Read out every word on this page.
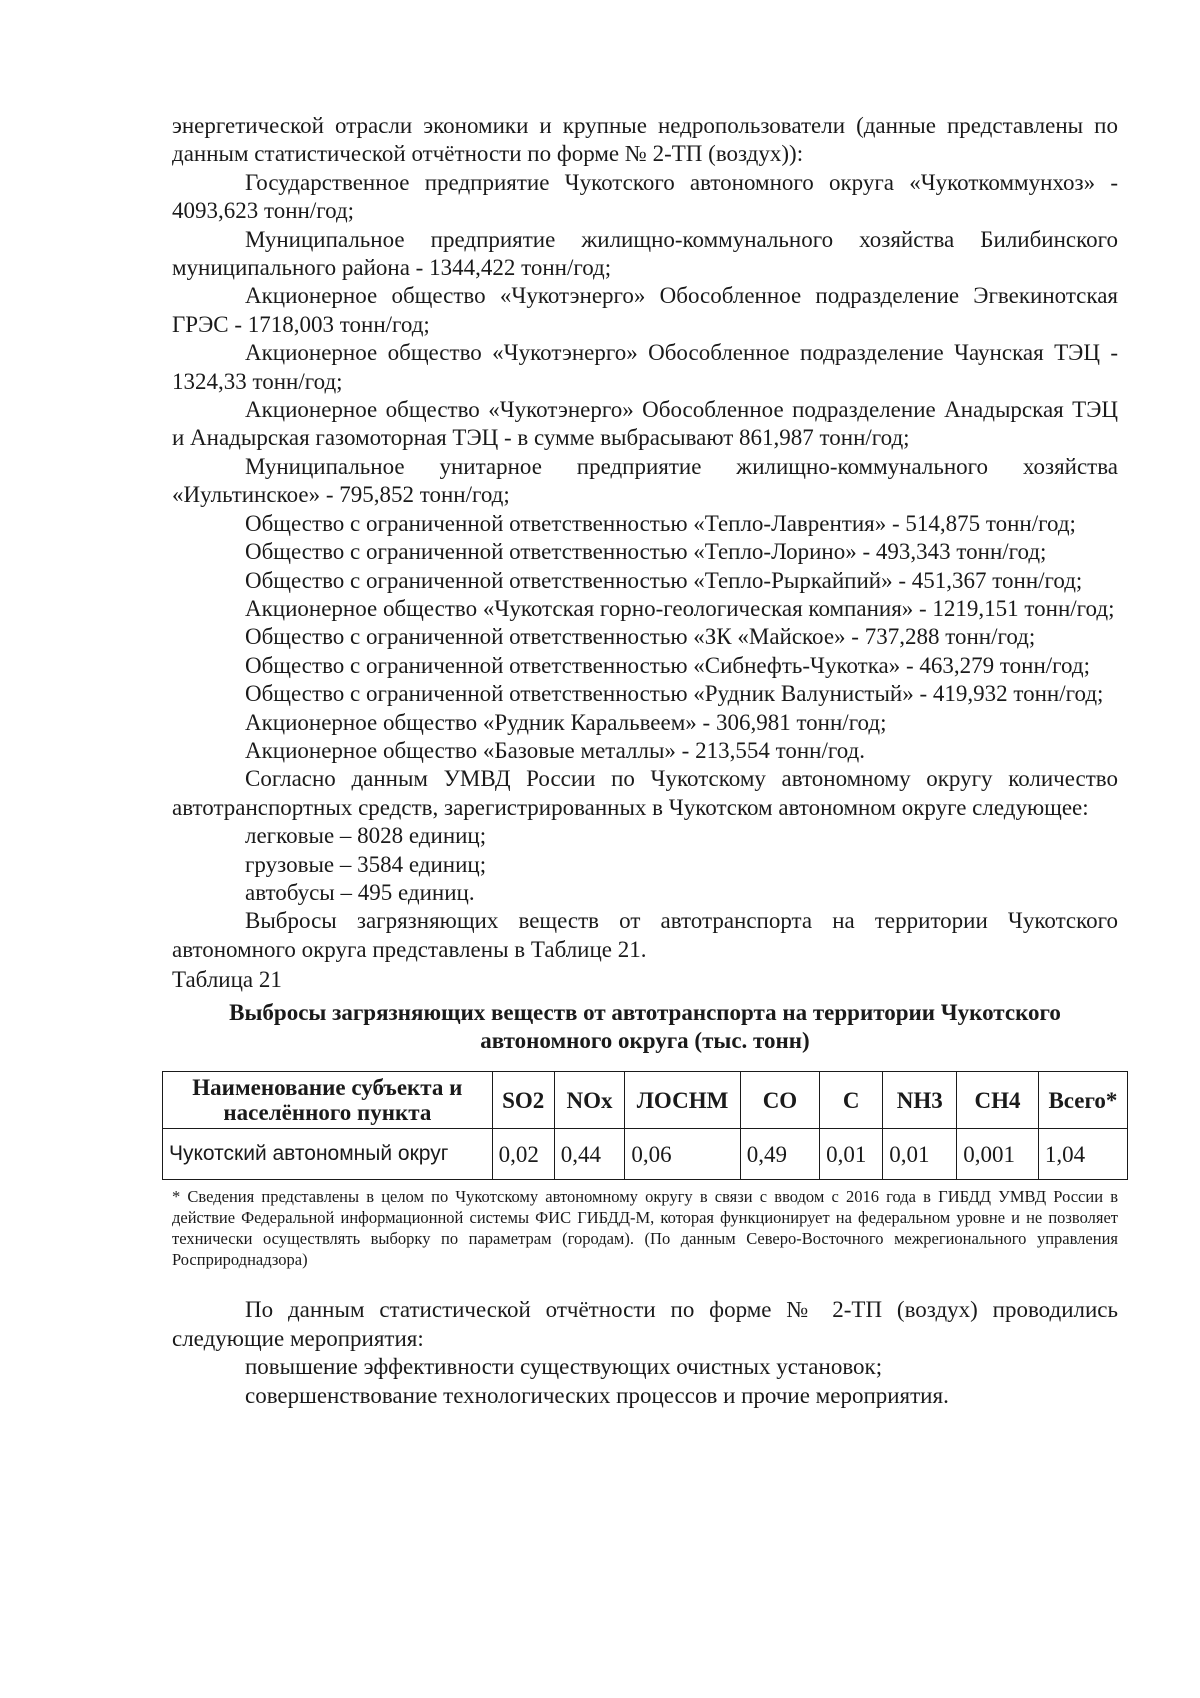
энергетической отрасли экономики и крупные недропользователи (данные представлены по данным статистической отчётности по форме № 2-ТП (воздух)):

Государственное предприятие Чукотского автономного округа «Чукоткоммунхоз» - 4093,623 тонн/год;

Муниципальное предприятие жилищно-коммунального хозяйства Билибинского муниципального района - 1344,422 тонн/год;

Акционерное общество «Чукотэнерго» Обособленное подразделение Эгвекинотская ГРЭС - 1718,003 тонн/год;

Акционерное общество «Чукотэнерго» Обособленное подразделение Чаунская ТЭЦ - 1324,33 тонн/год;

Акционерное общество «Чукотэнерго» Обособленное подразделение Анадырская ТЭЦ и Анадырская газомоторная ТЭЦ - в сумме выбрасывают 861,987 тонн/год;

Муниципальное унитарное предприятие жилищно-коммунального хозяйства «Иультинское» - 795,852 тонн/год;

Общество с ограниченной ответственностью «Тепло-Лаврентия» - 514,875 тонн/год;

Общество с ограниченной ответственностью «Тепло-Лорино» - 493,343 тонн/год;

Общество с ограниченной ответственностью «Тепло-Рыркайпий» - 451,367 тонн/год;

Акционерное общество «Чукотская горно-геологическая компания» - 1219,151 тонн/год;

Общество с ограниченной ответственностью «ЗК «Майское» - 737,288 тонн/год;

Общество с ограниченной ответственностью «Сибнефть-Чукотка» - 463,279 тонн/год;

Общество с ограниченной ответственностью «Рудник Валунистый» - 419,932 тонн/год;

Акционерное общество «Рудник Каральвеем» - 306,981 тонн/год;

Акционерное общество «Базовые металлы» - 213,554 тонн/год.

Согласно данным УМВД России по Чукотскому автономному округу количество автотранспортных средств, зарегистрированных в Чукотском автономном округе следующее:

легковые – 8028 единиц;

грузовые – 3584 единиц;

автобусы – 495 единиц.

Выбросы загрязняющих веществ от автотранспорта на территории Чукотского автономного округа представлены в Таблице 21.

Таблица 21

Выбросы загрязняющих веществ от автотранспорта на территории Чукотского
автономного округа (тыс. тонн)
Наименование субъекта и населённого пункта	SO2	NOx	ЛОСНМ	CO	C	NH3	CH4	Всего*
Чукотский автономный округ	0,02	0,44	0,06	0,49	0,01	0,01	0,001	1,04

* Сведения представлены в целом по Чукотскому автономному округу в связи с вводом с 2016 года в ГИБДД УМВД России в действие Федеральной информационной системы ФИС ГИБДД-М, которая функционирует на федеральном уровне и не позволяет технически осуществлять выборку по параметрам (городам). (По данным Северо-Восточного межрегионального управления Росприроднадзора)

По данным статистической отчётности по форме № 2-ТП (воздух) проводились следующие мероприятия:

повышение эффективности существующих очистных установок;

совершенствование технологических процессов и прочие мероприятия.
